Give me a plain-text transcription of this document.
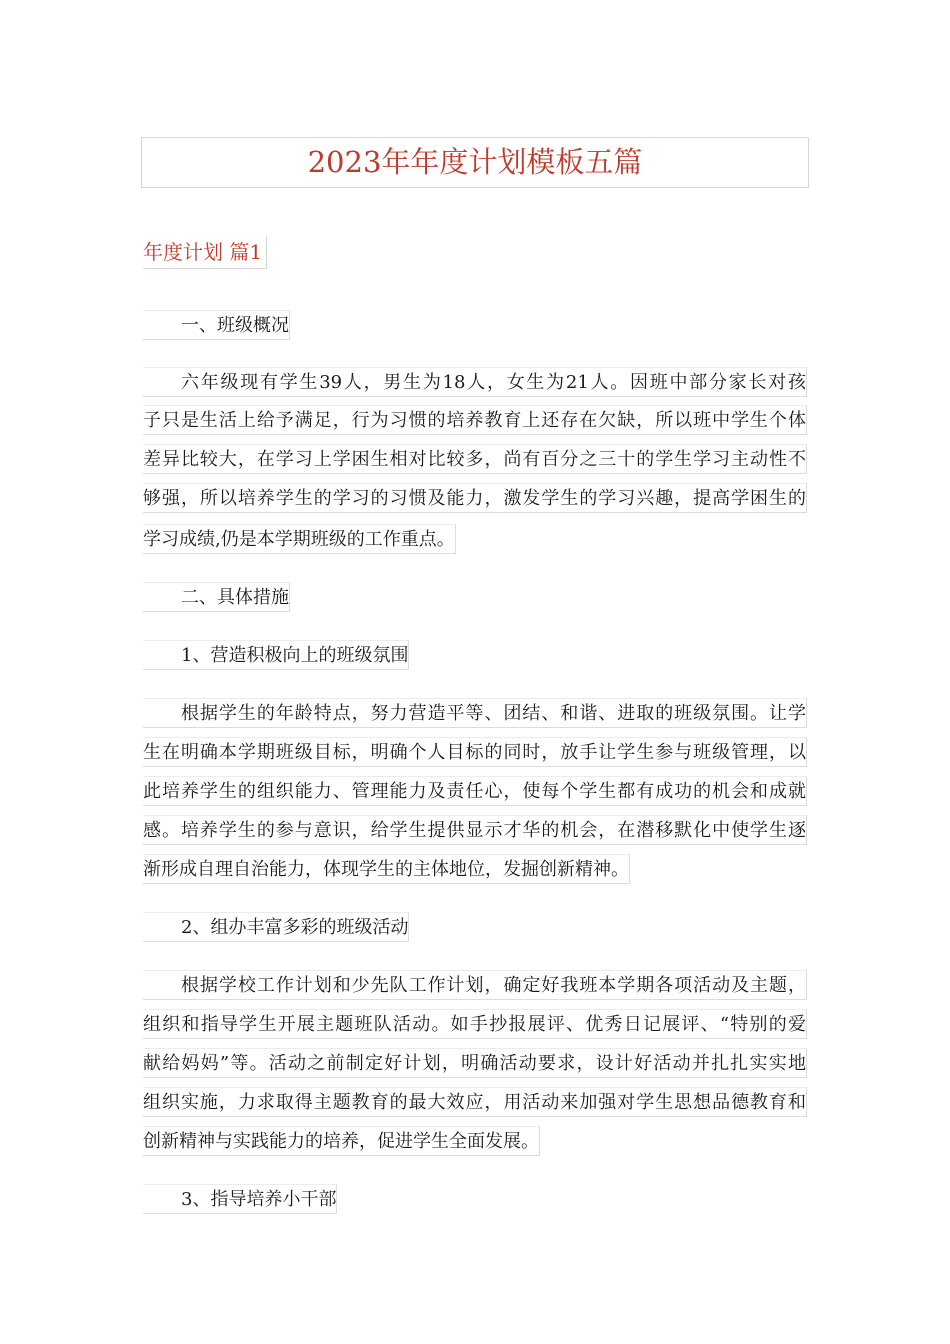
2023年年度计划模板五篇
年度计划 篇1
一、班级概况
六年级现有学生39人，男生为18人，女生为21人。因班中部分家长对孩
子只是生活上给予满足，行为习惯的培养教育上还存在欠缺，所以班中学生个体
差异比较大，在学习上学困生相对比较多，尚有百分之三十的学生学习主动性不
够强，所以培养学生的学习的习惯及能力，激发学生的学习兴趣，提高学困生的
学习成绩,仍是本学期班级的工作重点。
二、具体措施
1、营造积极向上的班级氛围
根据学生的年龄特点，努力营造平等、团结、和谐、进取的班级氛围。让学
生在明确本学期班级目标，明确个人目标的同时，放手让学生参与班级管理，以
此培养学生的组织能力、管理能力及责任心，使每个学生都有成功的机会和成就
感。培养学生的参与意识，给学生提供显示才华的机会，在潜移默化中使学生逐
渐形成自理自治能力，体现学生的主体地位，发掘创新精神。
2、组办丰富多彩的班级活动
根据学校工作计划和少先队工作计划，确定好我班本学期各项活动及主题，
组织和指导学生开展主题班队活动。如手抄报展评、优秀日记展评、“特别的爱
献给妈妈”等。活动之前制定好计划，明确活动要求，设计好活动并扎扎实实地
组织实施，力求取得主题教育的最大效应，用活动来加强对学生思想品德教育和
创新精神与实践能力的培养，促进学生全面发展。
3、指导培养小干部
